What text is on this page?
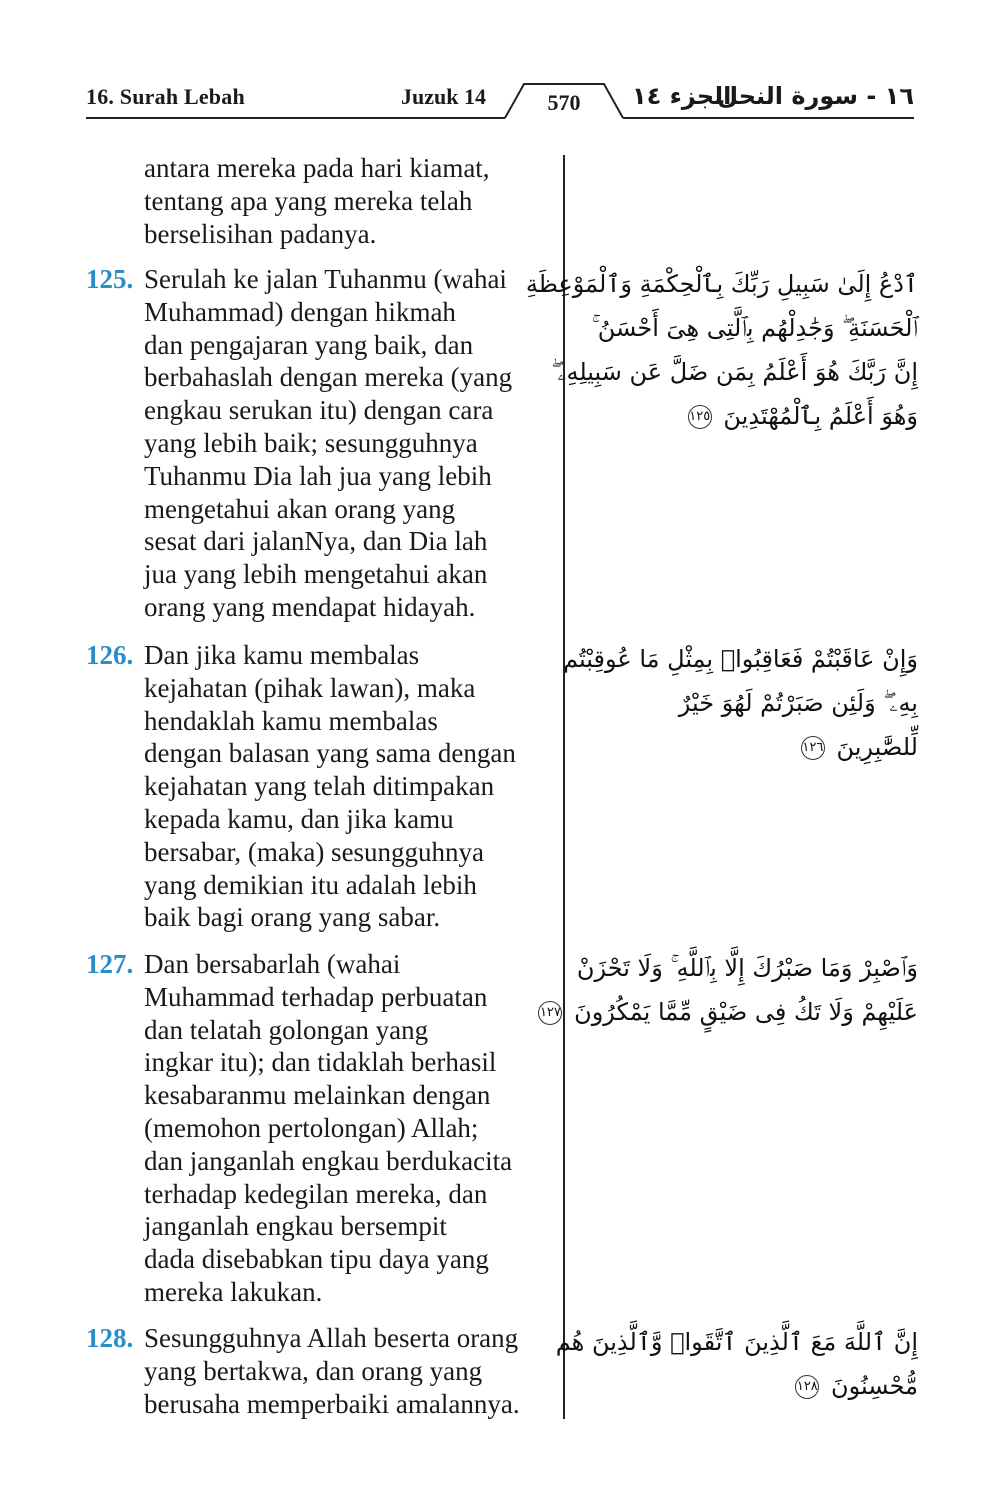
16. Surah Lebah	Juzuk 14	570	الجزء ١٤
١٦ - سورة النحل
antara mereka pada hari kiamat,
tentang apa yang mereka telah
berselisihan padanya.
125. Serulah ke jalan Tuhanmu (wahai
Muhammad) dengan hikmah
dan pengajaran yang baik, dan
berbahaslah dengan mereka (yang
engkau serukan itu) dengan cara
yang lebih baik; sesungguhnya
Tuhanmu Dia lah jua yang lebih
mengetahui akan orang yang
sesat dari jalanNya, dan Dia lah
jua yang lebih mengetahui akan
orang yang mendapat hidayah.
ٱدْعُ إِلَىٰ سَبِيلِ رَبِّكَ بِٱلْحِكْمَةِ وَٱلْمَوْعِظَةِ
ٱلْحَسَنَةِ ۖ وَجَٰدِلْهُم بِٱلَّتِى هِىَ أَحْسَنُ ۚ
إِنَّ رَبَّكَ هُوَ أَعْلَمُ بِمَن ضَلَّ عَن سَبِيلِهِۦ ۖ
وَهُوَ أَعْلَمُ بِٱلْمُهْتَدِينَ ١٢٥
126. Dan jika kamu membalas
kejahatan (pihak lawan), maka
hendaklah kamu membalas
dengan balasan yang sama dengan
kejahatan yang telah ditimpakan
kepada kamu, dan jika kamu
bersabar, (maka) sesungguhnya
yang demikian itu adalah lebih
baik bagi orang yang sabar.
وَإِنْ عَاقَبْتُمْ فَعَاقِبُوا۟ بِمِثْلِ مَا عُوقِبْتُم
بِهِۦ ۖ وَلَئِن صَبَرْتُمْ لَهُوَ خَيْرٌ
لِّلصَّٰبِرِينَ ١٢٦
127. Dan bersabarlah (wahai
Muhammad terhadap perbuatan
dan telatah golongan yang
ingkar itu); dan tidaklah berhasil
kesabaranmu melainkan dengan
(memohon pertolongan) Allah;
dan janganlah engkau berdukacita
terhadap kedegilan mereka, dan
janganlah engkau bersempit
dada disebabkan tipu daya yang
mereka lakukan.
وَٱصْبِرْ وَمَا صَبْرُكَ إِلَّا بِٱللَّهِ ۚ وَلَا تَحْزَنْ
عَلَيْهِمْ وَلَا تَكُ فِى ضَيْقٍ مِّمَّا يَمْكُرُونَ ١٢٧
128. Sesungguhnya Allah beserta orang
yang bertakwa, dan orang yang
berusaha memperbaiki amalannya.
إِنَّ ٱللَّهَ مَعَ ٱلَّذِينَ ٱتَّقَوا۟ وَّٱلَّذِينَ هُم
مُّحْسِنُونَ ١٢٨
